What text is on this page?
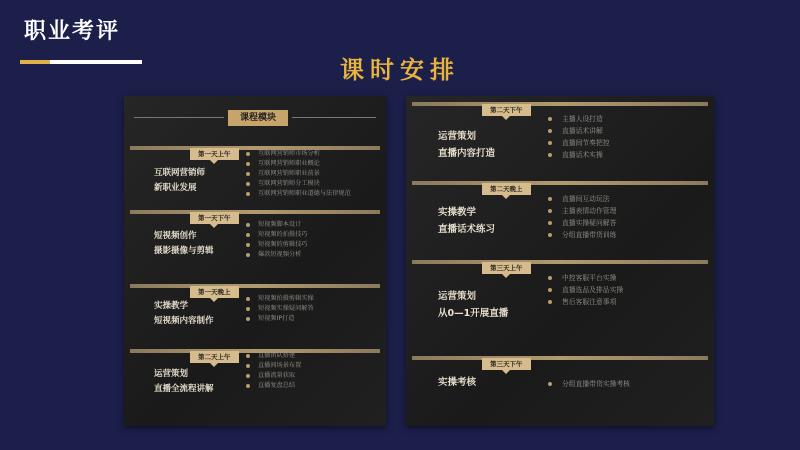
职业考评
课时安排
课程模块
第一天上午
互联网营销师
新职业发展
互联网营销师市场分析
互联网营销师职业概论
互联网营销师职业前景
互联网营销师分工模块
互联网营销师职业道德与法律规范
第一天下午
短视频创作
摄影摄像与剪辑
短视频脚本设计
短视频的拍摄技巧
短视频的剪辑技巧
爆款短视频分析
第一天晚上
实操教学
短视频内容制作
短视频拍摄剪辑实操
短视频实操疑问解答
短视频IP打造
第二天上午
运营策划
直播全流程讲解
直播团队搭建
直播间场景布置
直播流量获取
直播复盘总结
第二天下午
运营策划
直播内容打造
主播人设打造
直播话术讲解
直播间节奏把控
直播话术实操
第二天晚上
实操教学
直播话术练习
直播间互动玩法
主播表情动作管理
直播实操疑问解答
分组直播带货训练
第三天上午
运营策划
从0—1开展直播
中控客服平台实操
直播选品及排品实操
售后客服注意事项
第三天下午
实操考核	分组直播带货实操考核
